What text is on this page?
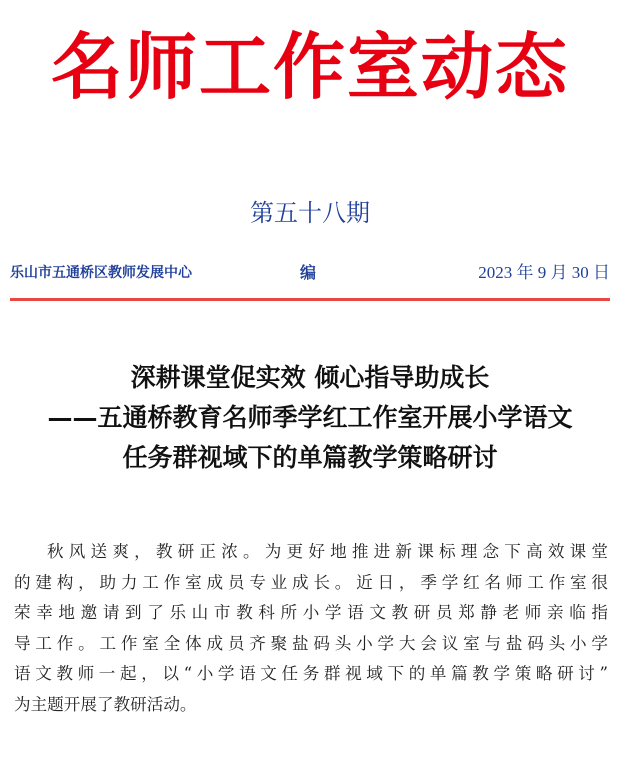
名师工作室动态
第五十八期
乐山市五通桥区教师发展中心	编	2023 年 9 月 30 日
深耕课堂促实效 倾心指导助成长
——五通桥教育名师季学红工作室开展小学语文
任务群视域下的单篇教学策略研讨
秋风送爽，教研正浓。为更好地推进新课标理念下高效课堂
的建构，助力工作室成员专业成长。近日，季学红名师工作室很
荣幸地邀请到了乐山市教科所小学语文教研员郑静老师亲临指
导工作。工作室全体成员齐聚盐码头小学大会议室与盐码头小学
语文教师一起，以“小学语文任务群视域下的单篇教学策略研讨”
为主题开展了教研活动。
